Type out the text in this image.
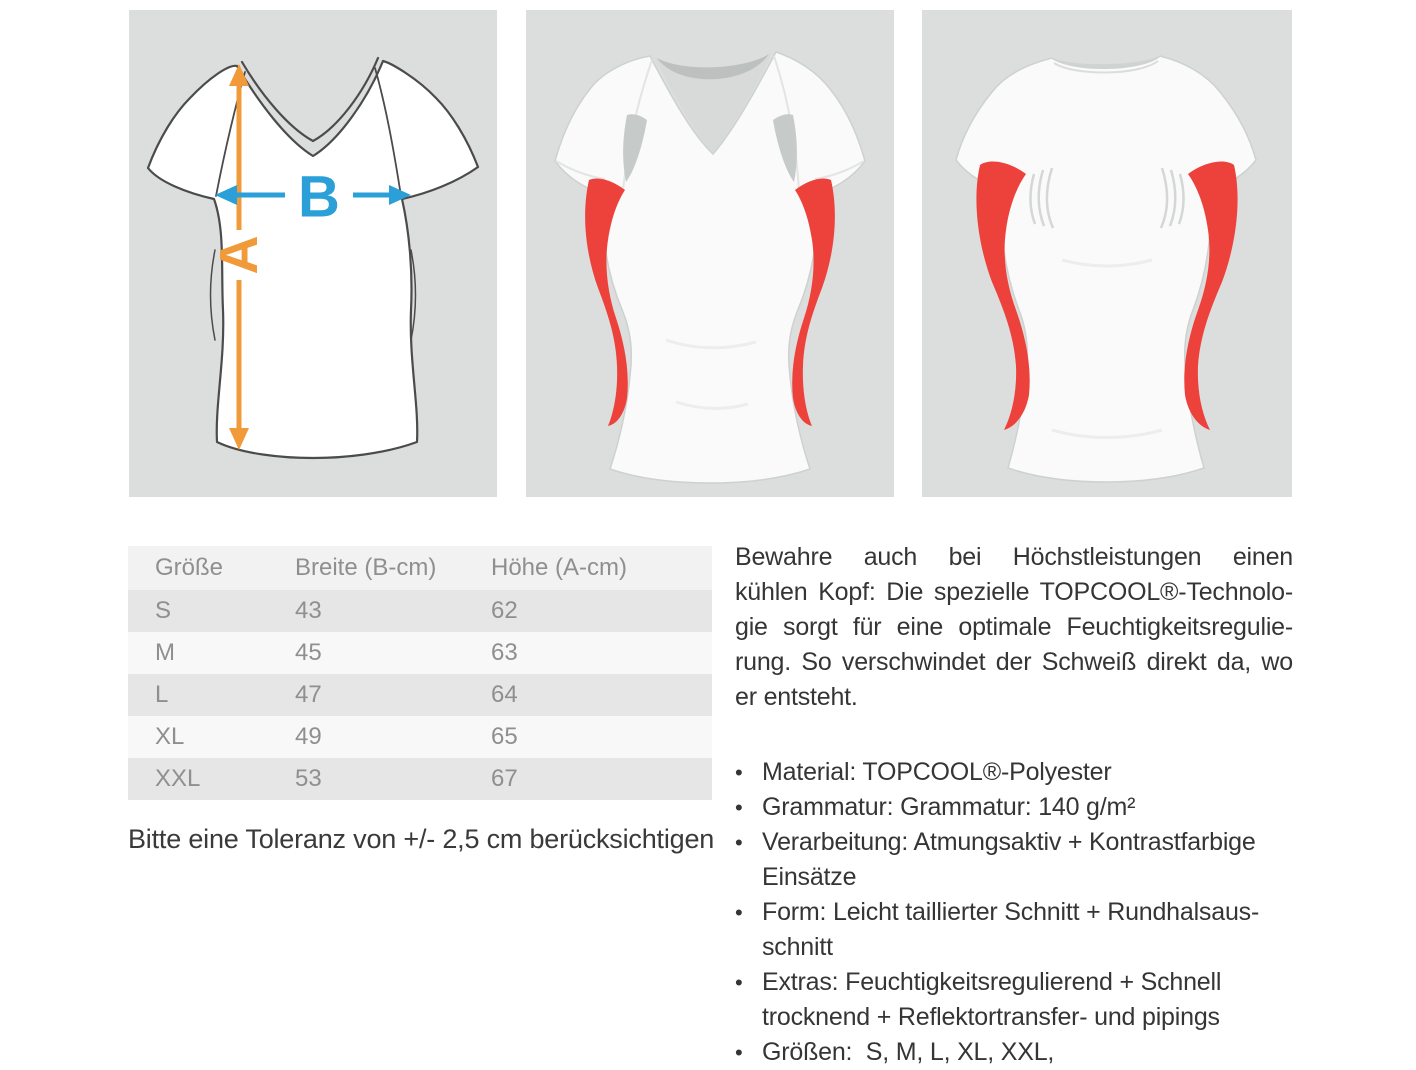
A
B
Größe	Breite (B-cm)	Höhe (A-cm)
S	43	62
M	45	63
L	47	64
XL	49	65
XXL	53	67
Bitte eine Toleranz von +/- 2,5 cm berücksichtigen
Bewahre auch bei Höchstleistungen einen
kühlen Kopf: Die spezielle TOPCOOL®-Technolo-
gie sorgt für eine optimale Feuchtigkeitsregulie-
rung. So verschwindet der Schweiß direkt da, wo
er entsteht.
• Material: TOPCOOL®-Polyester
• Grammatur: Grammatur: 140 g/m²
• Verarbeitung: Atmungsaktiv + Kontrastfarbige
Einsätze
• Form: Leicht taillierter Schnitt + Rundhalsaus-
schnitt
• Extras: Feuchtigkeitsregulierend + Schnell
trocknend + Reflektortransfer- und pipings
• Größen:  S, M, L, XL, XXL,
